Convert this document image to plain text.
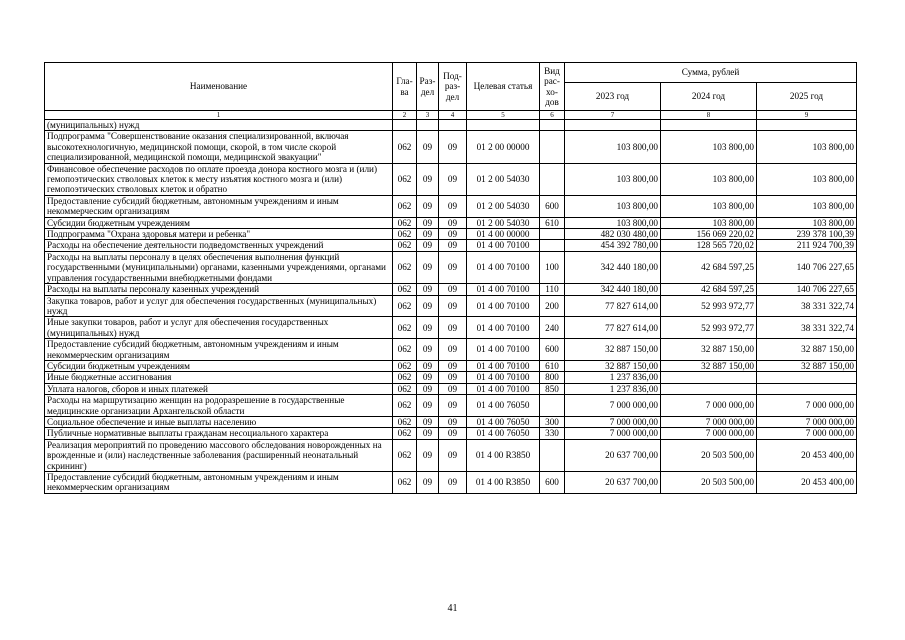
Наименование	Гла-ва	Раз-дел	Под-раз-дел	Целевая статья	Вид рас-хо-дов	Сумма, рублей		
						2023 год	2024 год	2025 год
1	2	3	4	5	6	7	8	9
(муниципальных) нужд								
Подпрограмма "Совершенствование оказания специализированной, включая высокотехнологичную, медицинской помощи, скорой, в том числе скорой специализированной, медицинской помощи, медицинской эвакуации"	062	09	09	01 2 00 00000		103 800,00	103 800,00	103 800,00
Финансовое обеспечение расходов по оплате проезда донора костного мозга и (или) гемопоэтических стволовых клеток к месту изъятия костного мозга и (или) гемопоэтических стволовых клеток и обратно	062	09	09	01 2 00 54030		103 800,00	103 800,00	103 800,00
Предоставление субсидий бюджетным, автономным учреждениям и иным некоммерческим организациям	062	09	09	01 2 00 54030	600	103 800,00	103 800,00	103 800,00
Субсидии бюджетным учреждениям	062	09	09	01 2 00 54030	610	103 800,00	103 800,00	103 800,00
Подпрограмма "Охрана здоровья матери и ребенка"	062	09	09	01 4 00 00000		482 030 480,00	156 069 220,02	239 378 100,39
Расходы на обеспечение деятельности подведомственных учреждений	062	09	09	01 4 00 70100		454 392 780,00	128 565 720,02	211 924 700,39
Расходы на выплаты персоналу в целях обеспечения выполнения функций государственными (муниципальными) органами, казенными учреждениями, органами управления государственными внебюджетными фондами	062	09	09	01 4 00 70100	100	342 440 180,00	42 684 597,25	140 706 227,65
Расходы на выплаты персоналу казенных учреждений	062	09	09	01 4 00 70100	110	342 440 180,00	42 684 597,25	140 706 227,65
Закупка товаров, работ и услуг для обеспечения государственных (муниципальных) нужд	062	09	09	01 4 00 70100	200	77 827 614,00	52 993 972,77	38 331 322,74
Иные закупки товаров, работ и услуг для обеспечения государственных (муниципальных) нужд	062	09	09	01 4 00 70100	240	77 827 614,00	52 993 972,77	38 331 322,74
Предоставление субсидий бюджетным, автономным учреждениям и иным некоммерческим организациям	062	09	09	01 4 00 70100	600	32 887 150,00	32 887 150,00	32 887 150,00
Субсидии бюджетным учреждениям	062	09	09	01 4 00 70100	610	32 887 150,00	32 887 150,00	32 887 150,00
Иные бюджетные ассигнования	062	09	09	01 4 00 70100	800	1 237 836,00		
Уплата налогов, сборов и иных платежей	062	09	09	01 4 00 70100	850	1 237 836,00		
Расходы на маршрутизацию женщин на родоразрешение в государственные медицинские организации Архангельской области	062	09	09	01 4 00 76050		7 000 000,00	7 000 000,00	7 000 000,00
Социальное обеспечение и иные выплаты населению	062	09	09	01 4 00 76050	300	7 000 000,00	7 000 000,00	7 000 000,00
Публичные нормативные выплаты гражданам несоциального характера	062	09	09	01 4 00 76050	330	7 000 000,00	7 000 000,00	7 000 000,00
Реализация мероприятий по проведению массового обследования новорожденных на врожденные и (или) наследственные заболевания (расширенный неонатальный скрининг)	062	09	09	01 4 00 R3850		20 637 700,00	20 503 500,00	20 453 400,00
Предоставление субсидий бюджетным, автономным учреждениям и иным некоммерческим организациям	062	09	09	01 4 00 R3850	600	20 637 700,00	20 503 500,00	20 453 400,00
41
